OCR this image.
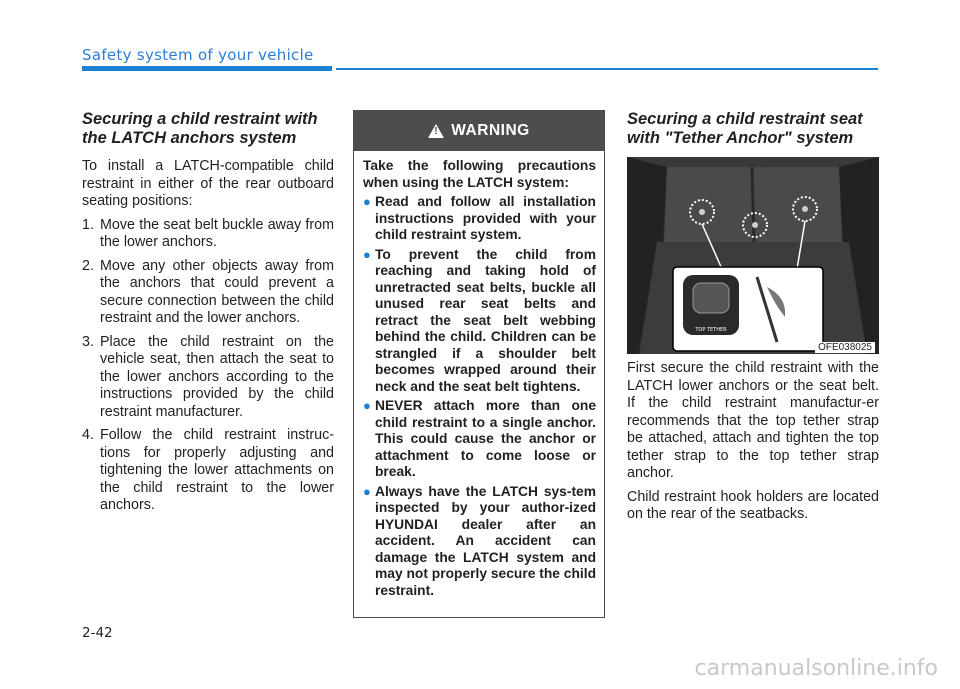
Safety system of your vehicle
Securing a child restraint with the LATCH anchors system

To install a LATCH-compatible child restraint in either of the rear outboard seating positions:

1. Move the seat belt buckle away from the lower anchors.
2. Move any other objects away from the anchors that could prevent a secure connection between the child restraint and the lower anchors.
3. Place the child restraint on the vehicle seat, then attach the seat to the lower anchors according to the instructions provided by the child restraint manufacturer.
4. Follow the child restraint instruc-tions for properly adjusting and tightening the lower attachments on the child restraint to the lower anchors.
!
WARNING

Take the following precautions when using the LATCH system:

● Read and follow all installation instructions provided with your child restraint system.
● To prevent the child from reaching and taking hold of unretracted seat belts, buckle all unused rear seat belts and retract the seat belt webbing behind the child. Children can be strangled if a shoulder belt becomes wrapped around their neck and the seat belt tightens.
● NEVER attach more than one child restraint to a single anchor. This could cause the anchor or attachment to come loose or break.
● Always have the LATCH sys-tem inspected by your author-ized HYUNDAI dealer after an accident. An accident can damage the LATCH system and may not properly secure the child restraint.
Securing a child restraint seat with "Tether Anchor" system
TOP TETHER
OFE038025

First secure the child restraint with the LATCH lower anchors or the seat belt. If the child restraint manufactur-er recommends that the top tether strap be attached, attach and tighten the top tether strap to the top tether strap anchor.

Child restraint hook holders are located on the rear of the seatbacks.

2-42
carmanualsonline.info
